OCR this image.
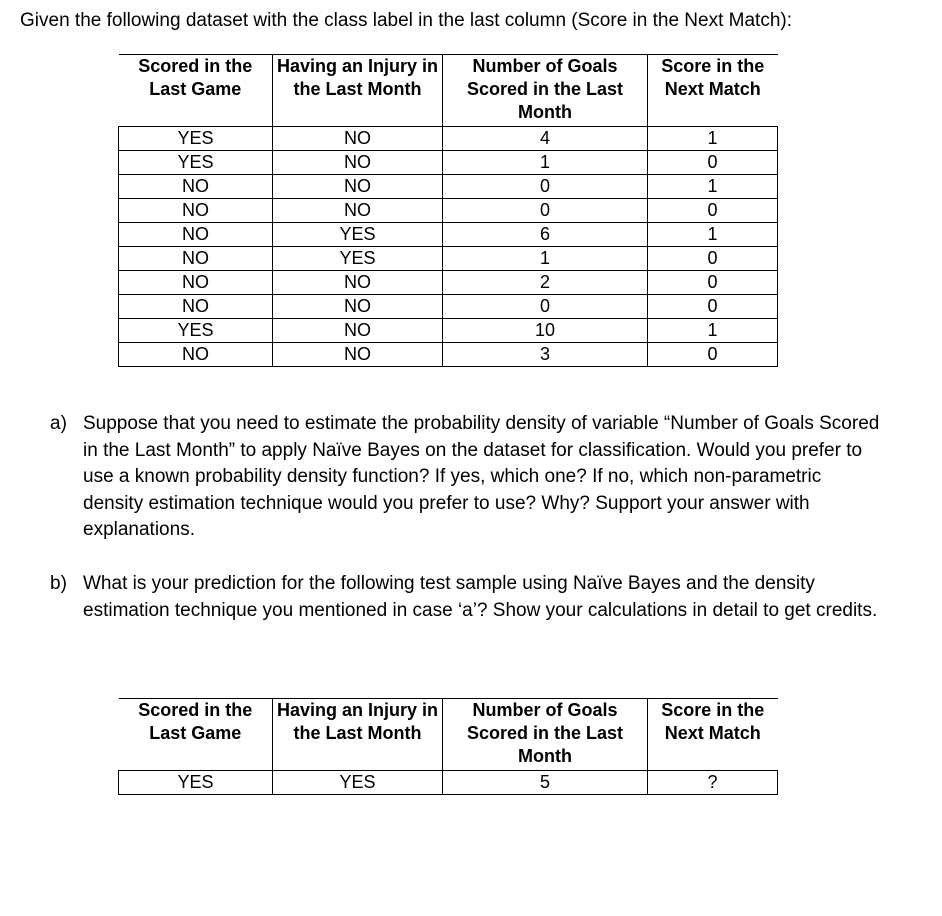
Given the following dataset with the class label in the last column (Score in the Next Match):
Scored in the Last Game	Having an Injury in the Last Month	Number of Goals Scored in the Last Month	Score in the Next Match
YES	NO	4	1
YES	NO	1	0
NO	NO	0	1
NO	NO	0	0
NO	YES	6	1
NO	YES	1	0
NO	NO	2	0
NO	NO	0	0
YES	NO	10	1
NO	NO	3	0
a) Suppose that you need to estimate the probability density of variable “Number of Goals Scored in the Last Month” to apply Naïve Bayes on the dataset for classification. Would you prefer to use a known probability density function? If yes, which one? If no, which non-parametric density estimation technique would you prefer to use? Why? Support your answer with explanations.
b) What is your prediction for the following test sample using Naïve Bayes and the density estimation technique you mentioned in case ‘a’? Show your calculations in detail to get credits.
Scored in the Last Game	Having an Injury in the Last Month	Number of Goals Scored in the Last Month	Score in the Next Match
YES	YES	5	?
